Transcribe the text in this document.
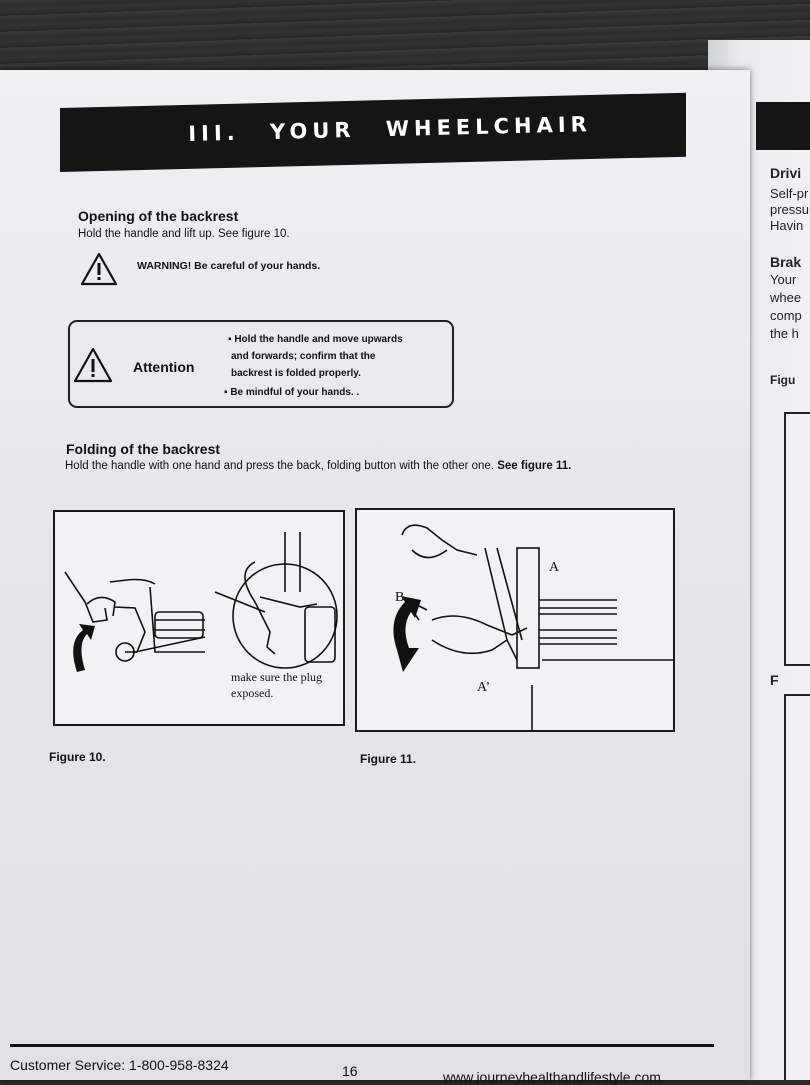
Drivi
Self-pr
pressu
Havin
Brak
Your
whee
comp
the h
Figu
F
III. YOUR WHEELCHAIR
Opening of the backrest
Hold the handle and lift up. See figure 10.
WARNING! Be careful of your hands.
Attention
▪ Hold the handle and move upwards
and forwards; confirm that the
backrest is folded properly.
▪ Be mindful of your hands. .
Folding of the backrest
Hold the handle with one hand and press the back, folding button with the other one. See figure 11.
make sure the plug
exposed.
Figure 10.
A
B
A’
Figure 11.
Customer Service: 1-800-958-8324	16	www.journeyhealthandlifestyle.com
